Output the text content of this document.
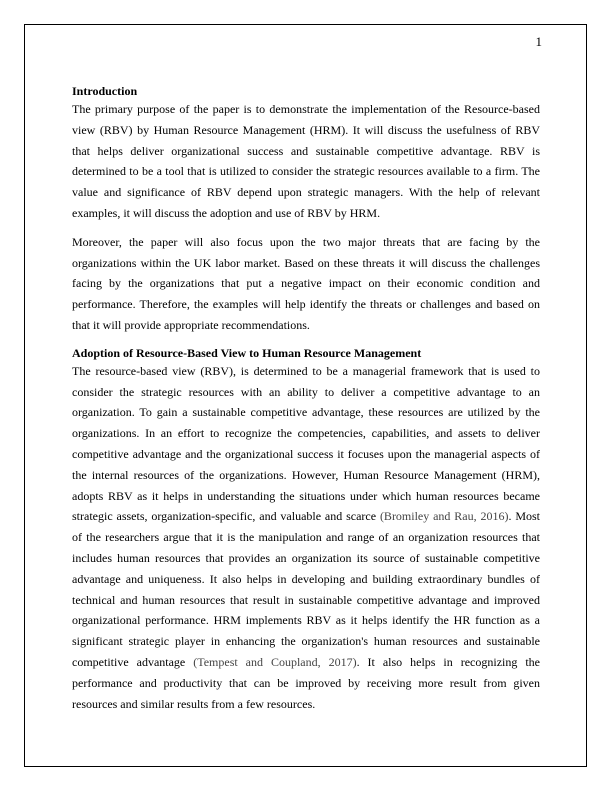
1
Introduction

The primary purpose of the paper is to demonstrate the implementation of the Resource-based view (RBV) by Human Resource Management (HRM). It will discuss the usefulness of RBV that helps deliver organizational success and sustainable competitive advantage. RBV is determined to be a tool that is utilized to consider the strategic resources available to a firm. The value and significance of RBV depend upon strategic managers. With the help of relevant examples, it will discuss the adoption and use of RBV by HRM.

Moreover, the paper will also focus upon the two major threats that are facing by the organizations within the UK labor market. Based on these threats it will discuss the challenges facing by the organizations that put a negative impact on their economic condition and performance. Therefore, the examples will help identify the threats or challenges and based on that it will provide appropriate recommendations.

Adoption of Resource-Based View to Human Resource Management

The resource-based view (RBV), is determined to be a managerial framework that is used to consider the strategic resources with an ability to deliver a competitive advantage to an organization. To gain a sustainable competitive advantage, these resources are utilized by the organizations. In an effort to recognize the competencies, capabilities, and assets to deliver competitive advantage and the organizational success it focuses upon the managerial aspects of the internal resources of the organizations. However, Human Resource Management (HRM), adopts RBV as it helps in understanding the situations under which human resources became strategic assets, organization-specific, and valuable and scarce (Bromiley and Rau, 2016). Most of the researchers argue that it is the manipulation and range of an organization resources that includes human resources that provides an organization its source of sustainable competitive advantage and uniqueness. It also helps in developing and building extraordinary bundles of technical and human resources that result in sustainable competitive advantage and improved organizational performance. HRM implements RBV as it helps identify the HR function as a significant strategic player in enhancing the organization's human resources and sustainable competitive advantage (Tempest and Coupland, 2017). It also helps in recognizing the performance and productivity that can be improved by receiving more result from given resources and similar results from a few resources.
